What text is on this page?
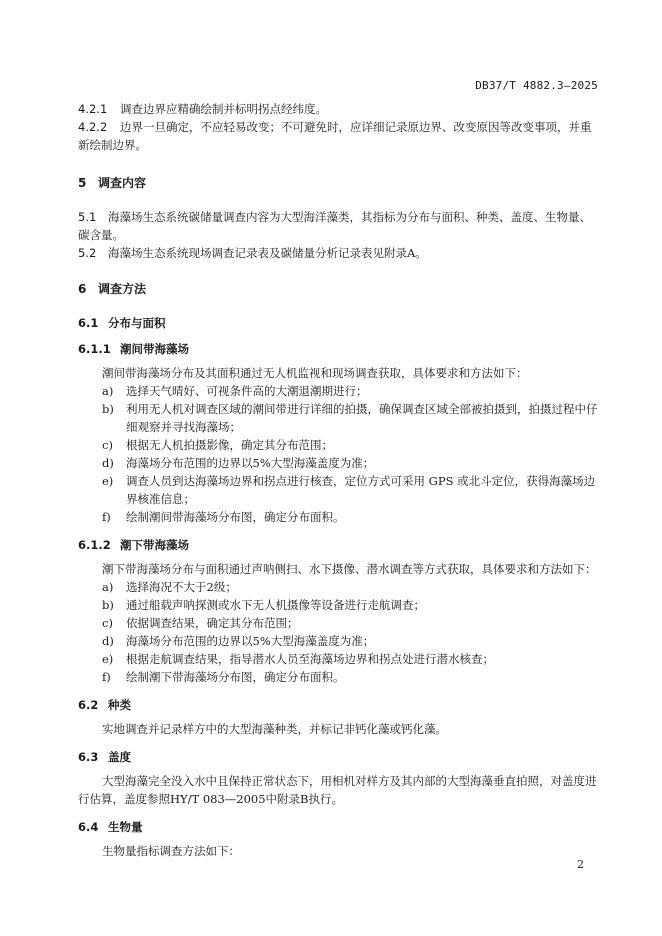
DB37/T 4882.3—2025

4.2.1 调查边界应精确绘制并标明拐点经纬度。

4.2.2 边界一旦确定，不应轻易改变；不可避免时，应详细记录原边界、改变原因等改变事项，并重新绘制边界。

5 调查内容

5.1 海藻场生态系统碳储量调查内容为大型海洋藻类，其指标为分布与面积、种类、盖度、生物量、碳含量。

5.2 海藻场生态系统现场调查记录表及碳储量分析记录表见附录A。

6 调查方法
6.1 分布与面积
6.1.1 潮间带海藻场

潮间带海藻场分布及其面积通过无人机监视和现场调查获取，具体要求和方法如下：

a)	选择天气晴好、可视条件高的大潮退潮期进行；
b)	利用无人机对调查区域的潮间带进行详细的拍摄，确保调查区域全部被拍摄到，拍摄过程中仔细观察并寻找海藻场；
c)	根据无人机拍摄影像，确定其分布范围；
d)	海藻场分布范围的边界以5%大型海藻盖度为准；
e)	调查人员到达海藻场边界和拐点进行核查，定位方式可采用 GPS 或北斗定位，获得海藻场边界核准信息；
f)	绘制潮间带海藻场分布图，确定分布面积。
6.1.2 潮下带海藻场

潮下带海藻场分布与面积通过声呐侧扫、水下摄像、潜水调查等方式获取，具体要求和方法如下：

a)	选择海况不大于2级；
b)	通过船载声呐探测或水下无人机摄像等设备进行走航调查；
c)	依据调查结果，确定其分布范围；
d)	海藻场分布范围的边界以5%大型海藻盖度为准；
e)	根据走航调查结果，指导潜水人员至海藻场边界和拐点处进行潜水核查；
f)	绘制潮下带海藻场分布图，确定分布面积。
6.2 种类

实地调查并记录样方中的大型海藻种类，并标记非钙化藻或钙化藻。

6.3 盖度

大型海藻完全没入水中且保持正常状态下，用相机对样方及其内部的大型海藻垂直拍照，对盖度进行估算，盖度参照HY/T 083—2005中附录B执行。

6.4 生物量

生物量指标调查方法如下：

2
